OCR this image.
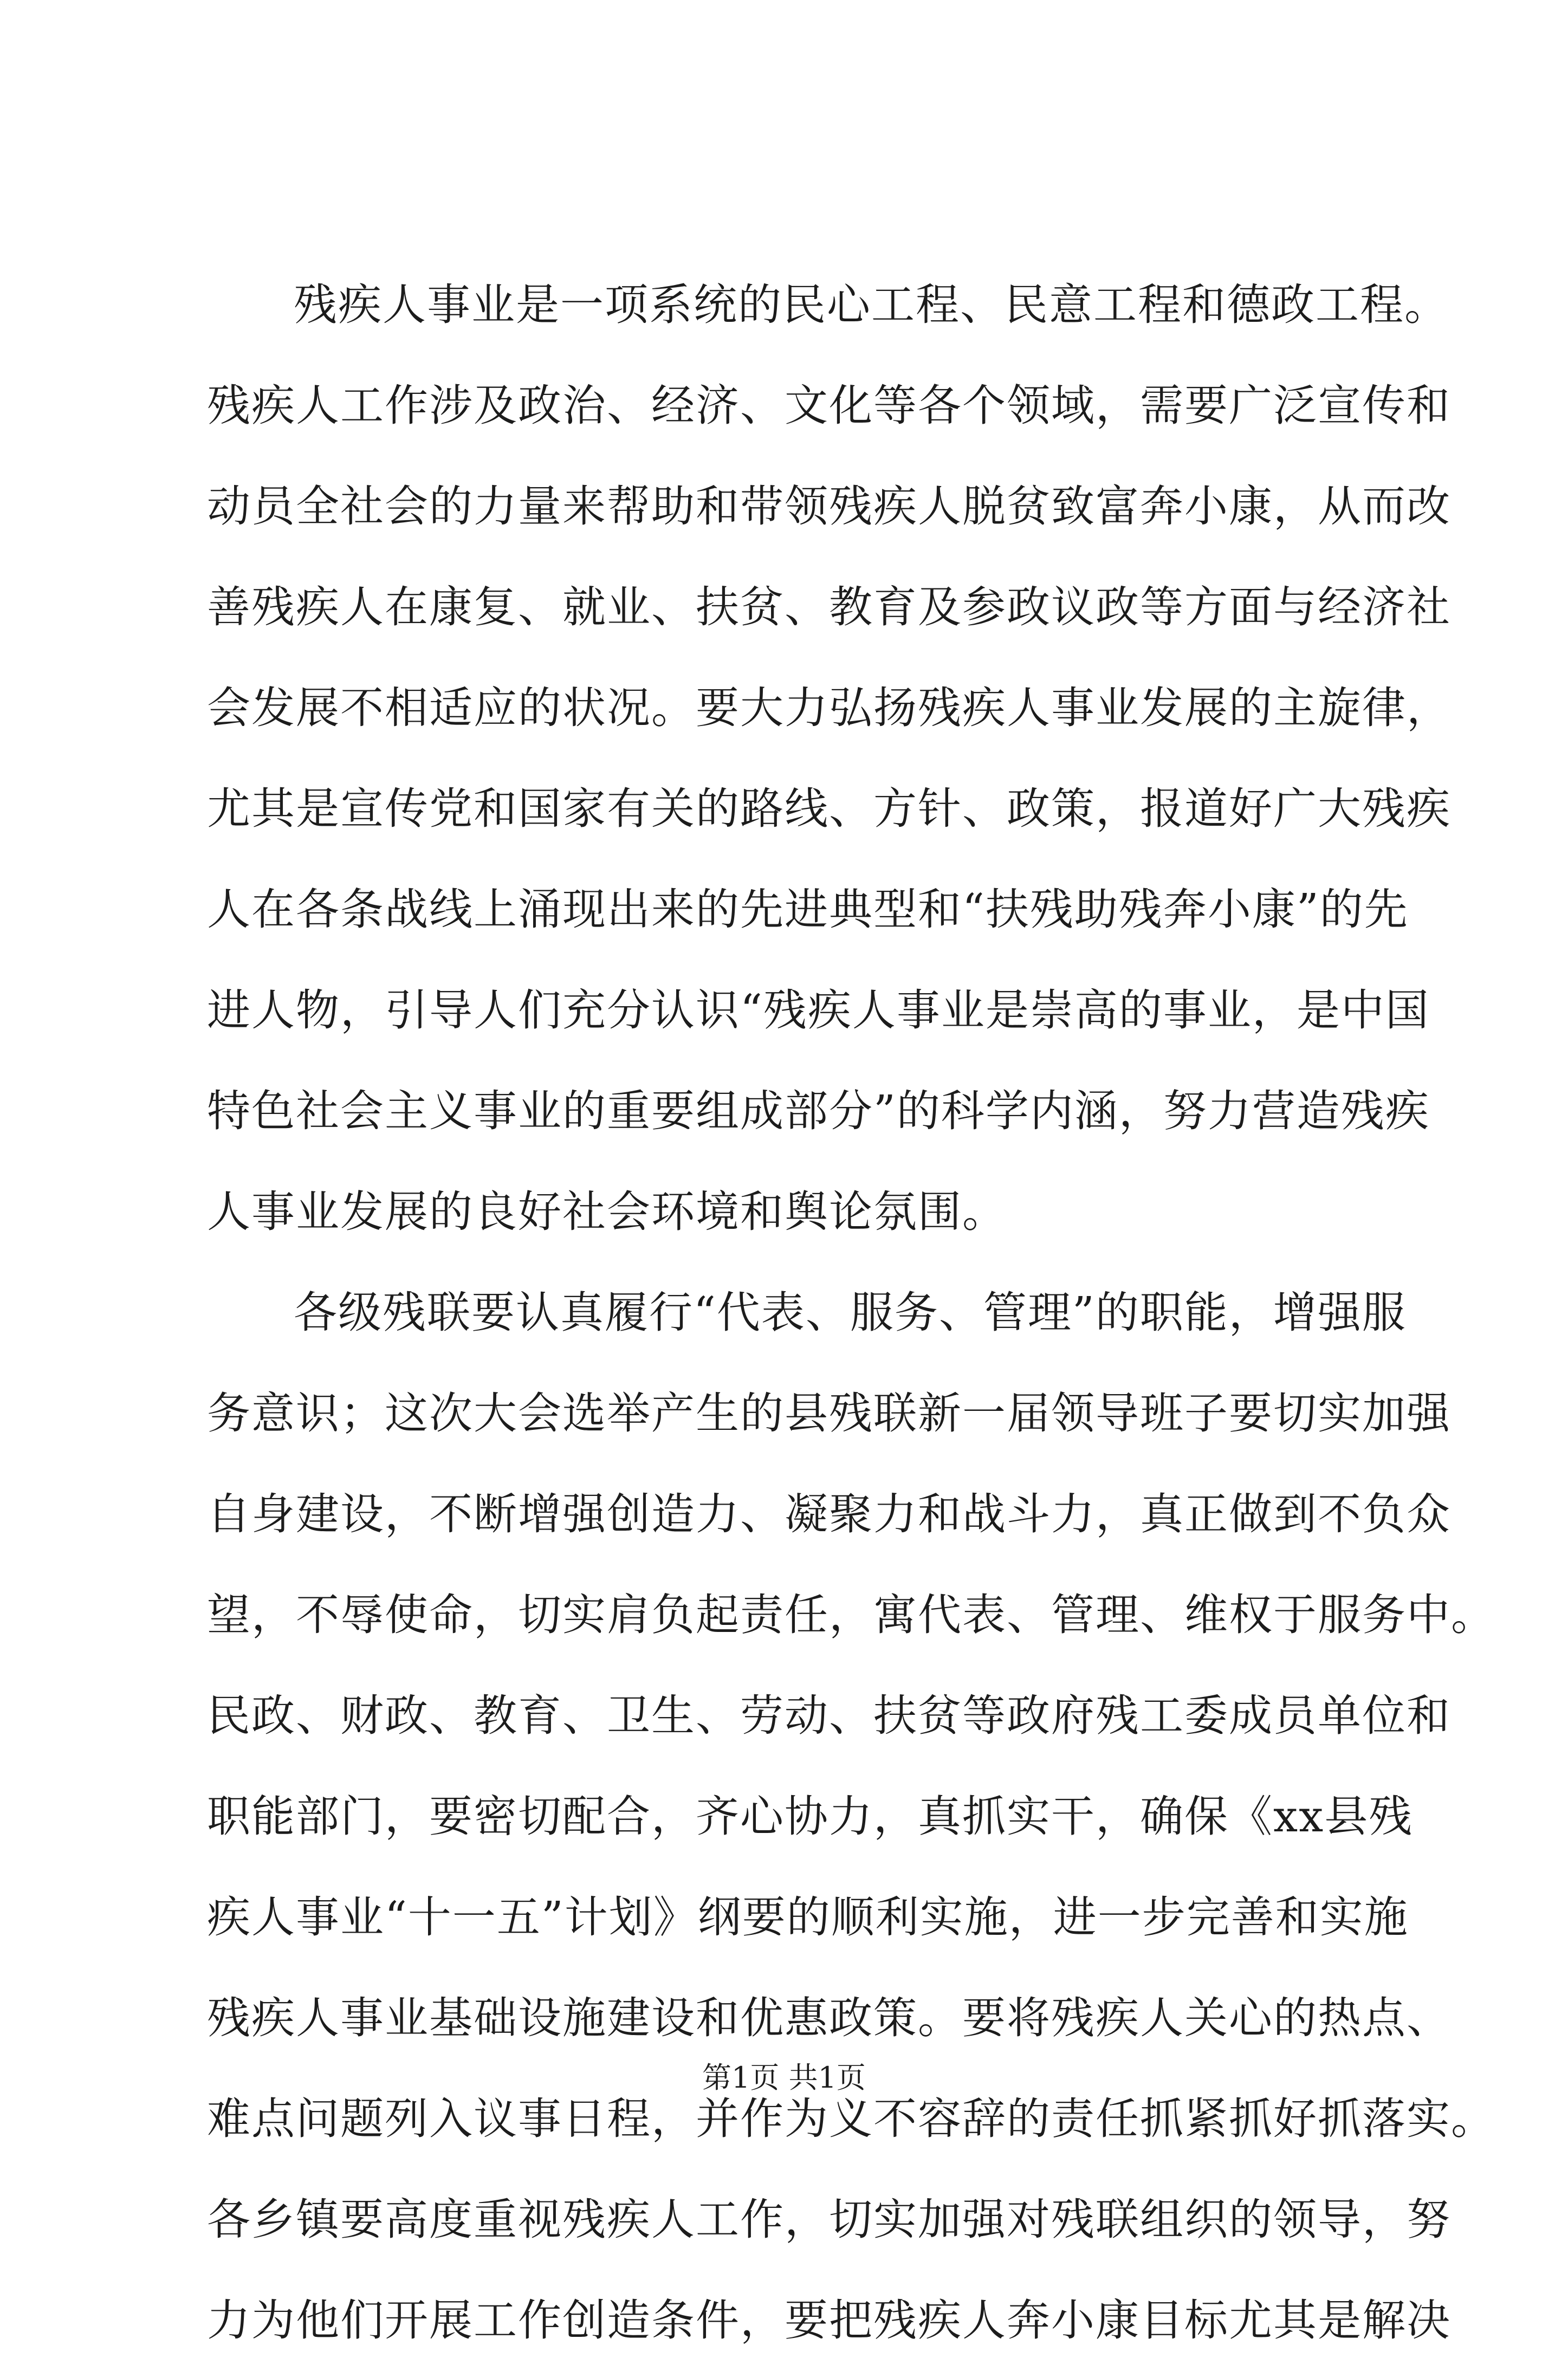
残疾人事业是一项系统的民心工程、民意工程和德政工程。
残疾人工作涉及政治、经济、文化等各个领域，需要广泛宣传和
动员全社会的力量来帮助和带领残疾人脱贫致富奔小康，从而改
善残疾人在康复、就业、扶贫、教育及参政议政等方面与经济社
会发展不相适应的状况。要大力弘扬残疾人事业发展的主旋律，
尤其是宣传党和国家有关的路线、方针、政策，报道好广大残疾
人在各条战线上涌现出来的先进典型和“扶残助残奔小康”的先
进人物，引导人们充分认识“残疾人事业是崇高的事业，是中国
特色社会主义事业的重要组成部分”的科学内涵，努力营造残疾
人事业发展的良好社会环境和舆论氛围。

各级残联要认真履行“代表、服务、管理”的职能，增强服
务意识；这次大会选举产生的县残联新一届领导班子要切实加强
自身建设，不断增强创造力、凝聚力和战斗力，真正做到不负众
望，不辱使命，切实肩负起责任，寓代表、管理、维权于服务中。
民政、财政、教育、卫生、劳动、扶贫等政府残工委成员单位和
职能部门，要密切配合，齐心协力，真抓实干，确保《xx县残
疾人事业“十一五”计划》纲要的顺利实施，进一步完善和实施
残疾人事业基础设施建设和优惠政策。要将残疾人关心的热点、
难点问题列入议事日程，并作为义不容辞的责任抓紧抓好抓落实。
各乡镇要高度重视残疾人工作，切实加强对残联组织的领导，努
力为他们开展工作创造条件，要把残疾人奔小康目标尤其是解决

第1页 共1页
